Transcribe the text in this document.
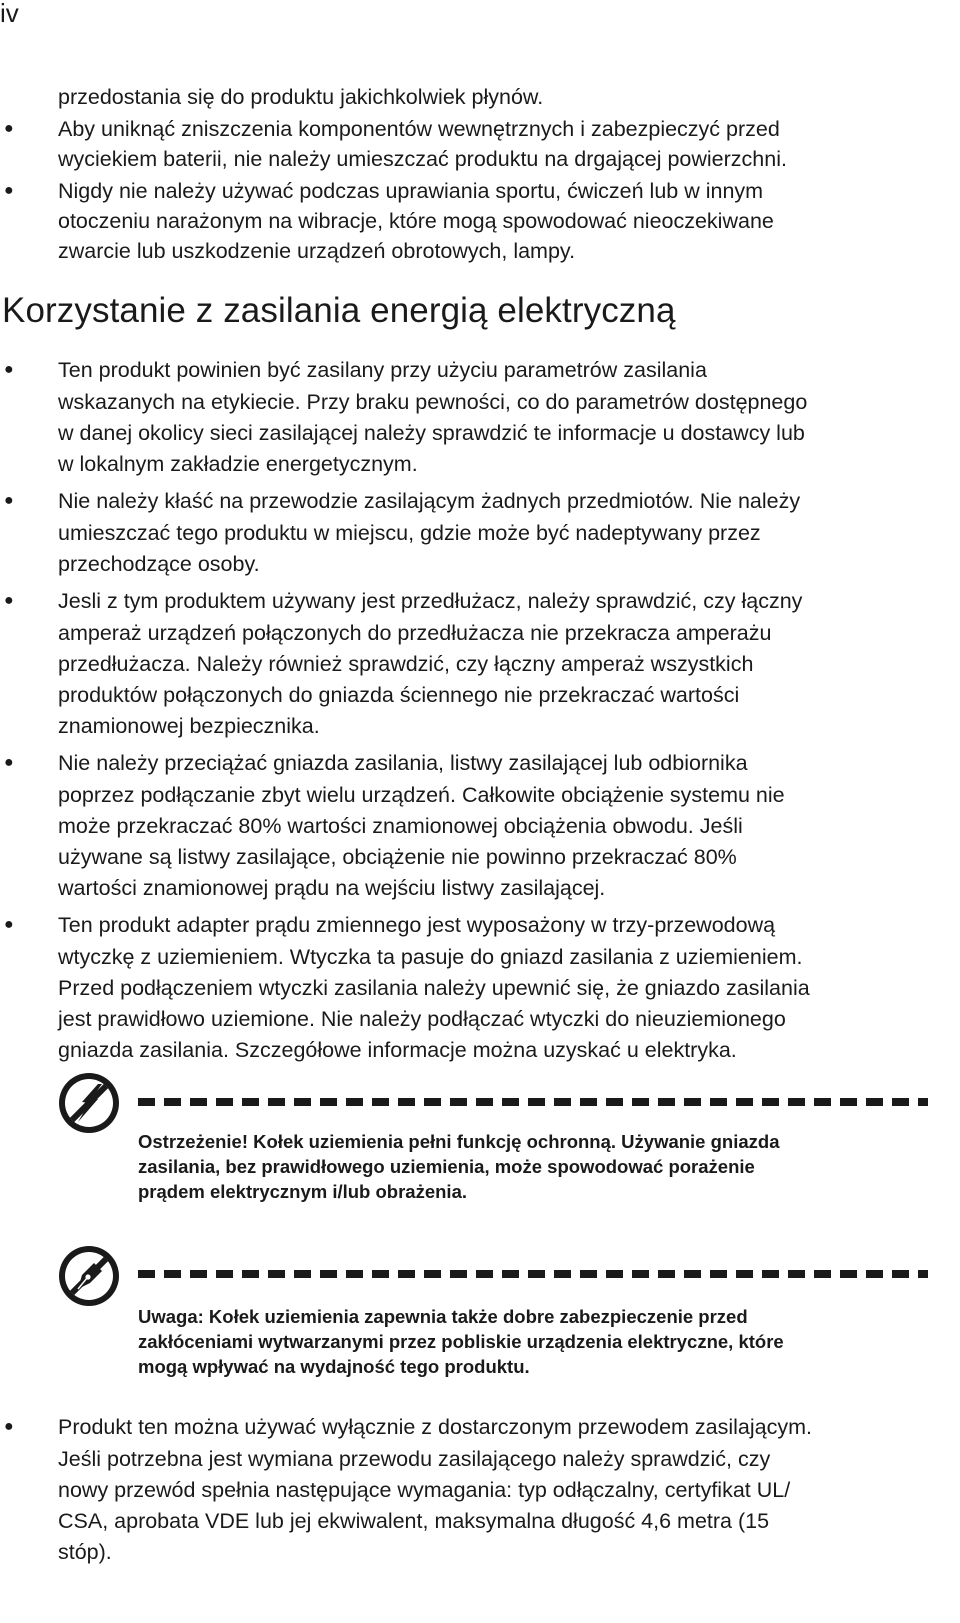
iv
przedostania się do produktu jakichkolwiek płynów.
● Aby uniknąć zniszczenia komponentów wewnętrznych i zabezpieczyć przed
wyciekiem baterii, nie należy umieszczać produktu na drgającej powierzchni.
● Nigdy nie należy używać podczas uprawiania sportu, ćwiczeń lub w innym
otoczeniu narażonym na wibracje, które mogą spowodować nieoczekiwane
zwarcie lub uszkodzenie urządzeń obrotowych, lampy.
Korzystanie z zasilania energią elektryczną
● Ten produkt powinien być zasilany przy użyciu parametrów zasilania
wskazanych na etykiecie. Przy braku pewności, co do parametrów dostępnego
w danej okolicy sieci zasilającej należy sprawdzić te informacje u dostawcy lub
w lokalnym zakładzie energetycznym.
● Nie należy kłaść na przewodzie zasilającym żadnych przedmiotów. Nie należy
umieszczać tego produktu w miejscu, gdzie może być nadeptywany przez
przechodzące osoby.
● Jesli z tym produktem używany jest przedłużacz, należy sprawdzić, czy łączny
amperaż urządzeń połączonych do przedłużacza nie przekracza amperażu
przedłużacza. Należy również sprawdzić, czy łączny amperaż wszystkich
produktów połączonych do gniazda ściennego nie przekraczać wartości
znamionowej bezpiecznika.
● Nie należy przeciążać gniazda zasilania, listwy zasilającej lub odbiornika
poprzez podłączanie zbyt wielu urządzeń. Całkowite obciążenie systemu nie
może przekraczać 80% wartości znamionowej obciążenia obwodu. Jeśli
używane są listwy zasilające, obciążenie nie powinno przekraczać 80%
wartości znamionowej prądu na wejściu listwy zasilającej.
● Ten produkt adapter prądu zmiennego jest wyposażony w trzy-przewodową
wtyczkę z uziemieniem. Wtyczka ta pasuje do gniazd zasilania z uziemieniem.
Przed podłączeniem wtyczki zasilania należy upewnić się, że gniazdo zasilania
jest prawidłowo uziemione. Nie należy podłączać wtyczki do nieuziemionego
gniazda zasilania. Szczegółowe informacje można uzyskać u elektryka.
Ostrzeżenie! Kołek uziemienia pełni funkcję ochronną. Używanie gniazda
zasilania, bez prawidłowego uziemienia, może spowodować porażenie
prądem elektrycznym i/lub obrażenia.
Uwaga: Kołek uziemienia zapewnia także dobre zabezpieczenie przed
zakłóceniami wytwarzanymi przez pobliskie urządzenia elektryczne, które
mogą wpływać na wydajność tego produktu.
● Produkt ten można używać wyłącznie z dostarczonym przewodem zasilającym.
Jeśli potrzebna jest wymiana przewodu zasilającego należy sprawdzić, czy
nowy przewód spełnia następujące wymagania: typ odłączalny, certyfikat UL/
CSA, aprobata VDE lub jej ekwiwalent, maksymalna długość 4,6 metra (15
stóp).
